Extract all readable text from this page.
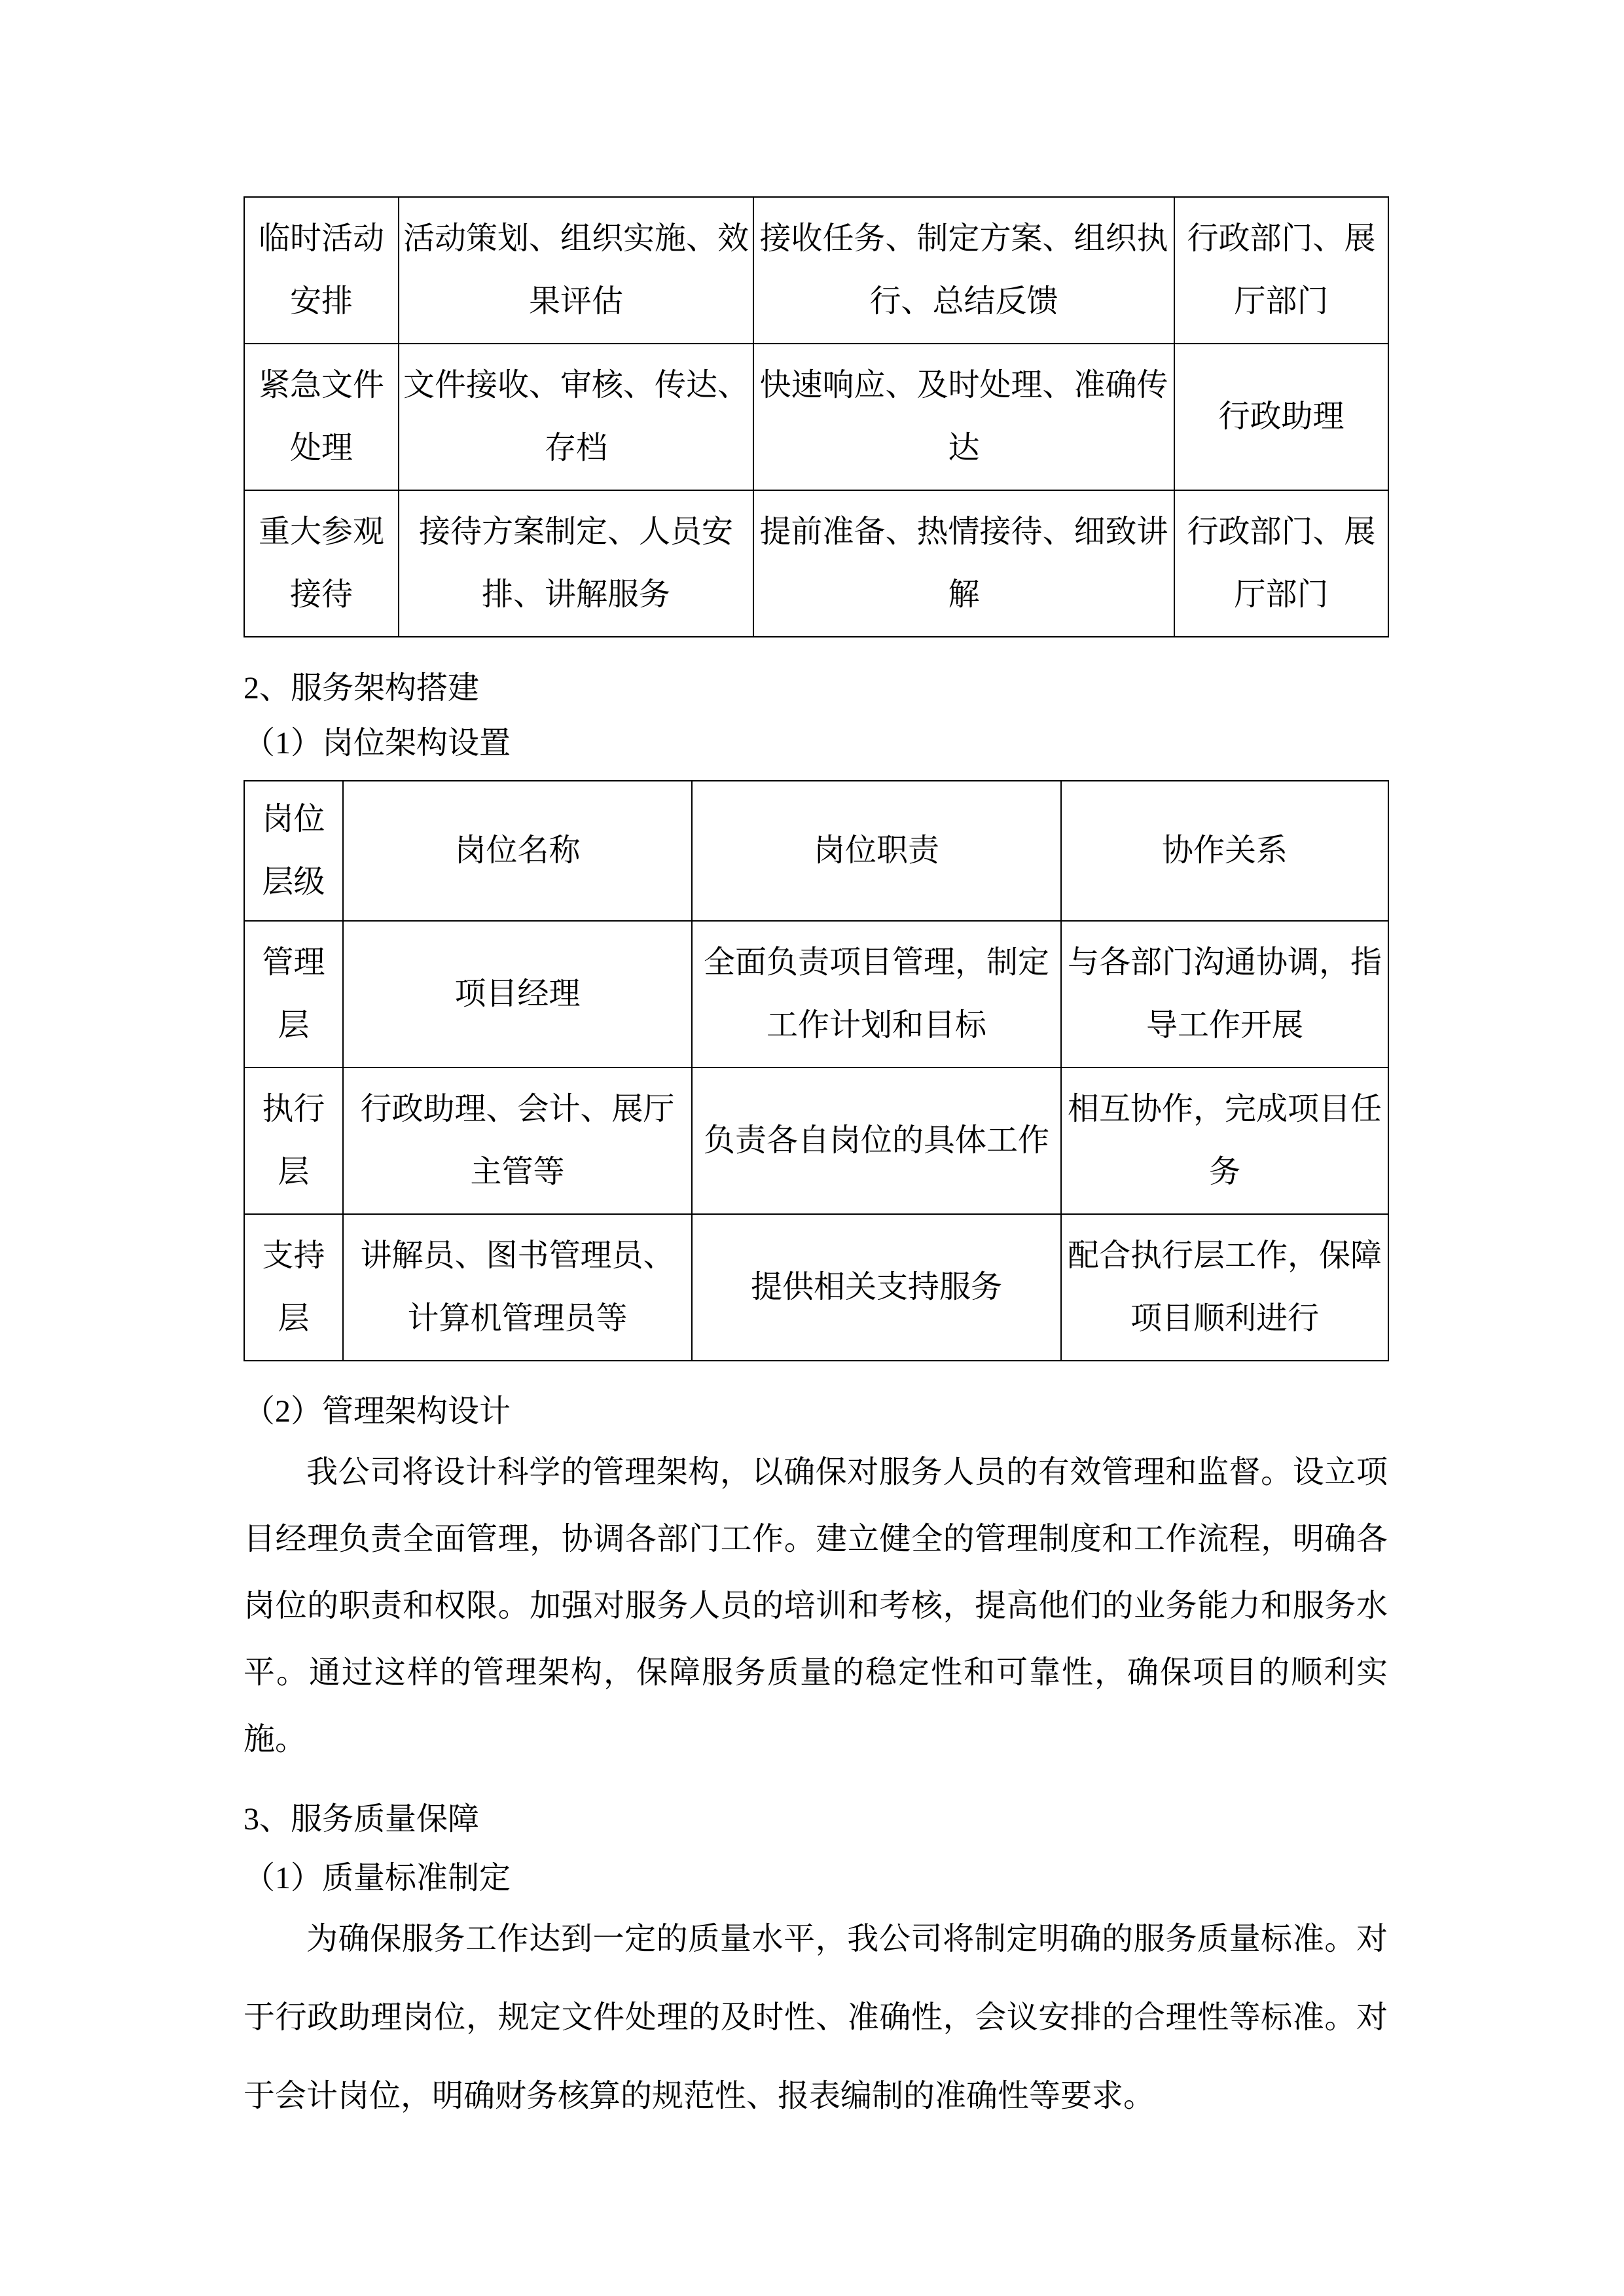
临时活动安排	活动策划、组织实施、效果评估	接收任务、制定方案、组织执行、总结反馈	行政部门、展厅部门
紧急文件处理	文件接收、审核、传达、存档	快速响应、及时处理、准确传达	行政助理
重大参观接待	接待方案制定、人员安排、讲解服务	提前准备、热情接待、细致讲解	行政部门、展厅部门
2、服务架构搭建
（1）岗位架构设置
岗位层级	岗位名称	岗位职责	协作关系
管理层	项目经理	全面负责项目管理，制定工作计划和目标	与各部门沟通协调，指导工作开展
执行层	行政助理、会计、展厅主管等	负责各自岗位的具体工作	相互协作，完成项目任务
支持层	讲解员、图书管理员、计算机管理员等	提供相关支持服务	配合执行层工作，保障项目顺利进行
（2）管理架构设计

我公司将设计科学的管理架构，以确保对服务人员的有效管理和监督。设立项目经理负责全面管理，协调各部门工作。建立健全的管理制度和工作流程，明确各岗位的职责和权限。加强对服务人员的培训和考核，提高他们的业务能力和服务水平。通过这样的管理架构，保障服务质量的稳定性和可靠性，确保项目的顺利实施。

3、服务质量保障
（1）质量标准制定

为确保服务工作达到一定的质量水平，我公司将制定明确的服务质量标准。对于行政助理岗位，规定文件处理的及时性、准确性，会议安排的合理性等标准。对于会计岗位，明确财务核算的规范性、报表编制的准确性等要求。
